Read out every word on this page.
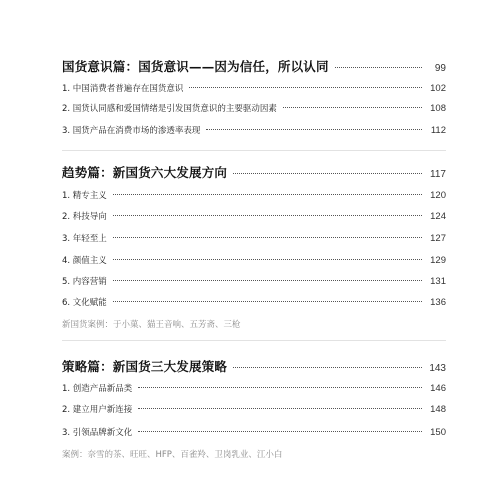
国货意识篇：国货意识——因为信任，所以认同	99
1. 中国消费者普遍存在国货意识	102
2. 国货认同感和爱国情绪是引发国货意识的主要驱动因素	108
3. 国货产品在消费市场的渗透率表现	112
趋势篇：新国货六大发展方向	117
1. 精专主义	120
2. 科技导向	124
3. 年轻至上	127
4. 颜值主义	129
5. 内容营销	131
6. 文化赋能	136
新国货案例：于小菓、猫王音响、五芳斋、三枪
策略篇：新国货三大发展策略	143
1. 创造产品新品类	146
2. 建立用户新连接	148
3. 引领品牌新文化	150
案例：奈雪的茶、旺旺、HFP、百雀羚、卫岗乳业、江小白
